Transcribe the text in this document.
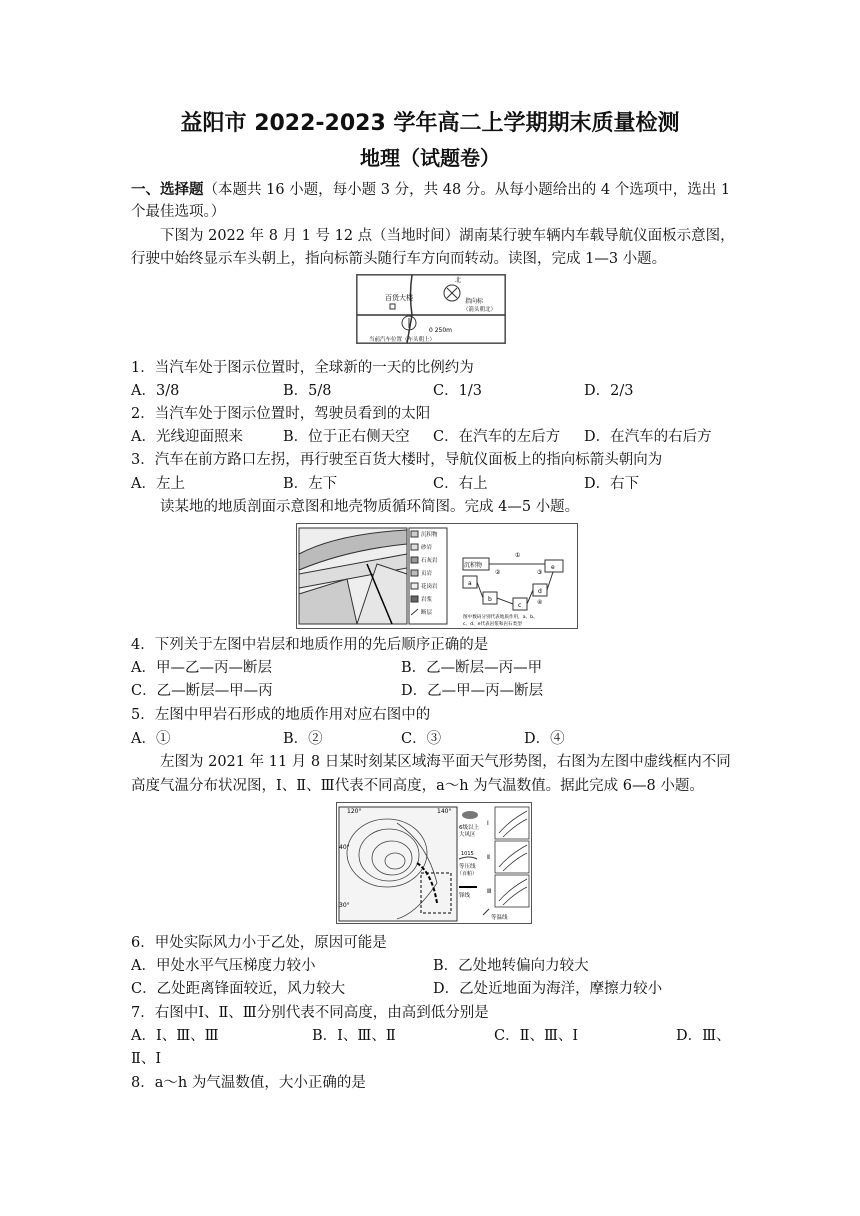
益阳市 2022-2023 学年高二上学期期末质量检测
地理（试题卷）
一、选择题（本题共 16 小题，每小题 3 分，共 48 分。从每小题给出的 4 个选项中，选出 1
个最佳选项。）
下图为 2022 年 8 月 1 号 12 点（当地时间）湖南某行驶车辆内车载导航仪面板示意图，
行驶中始终显示车头朝上，指向标箭头随行车方向而转动。读图，完成 1—3 小题。
百货大楼
北
指向标
（箭头朝北）
0 250m
当前汽车位置（车头朝上）
1．当汽车处于图示位置时，全球新的一天的比例约为
A．3/8	B．5/8	C．1/3	D．2/3
2．当汽车处于图示位置时，驾驶员看到的太阳
A．光线迎面照来	B．位于正右侧天空 C．在汽车的左后方 D．在汽车的右后方
3．汽车在前方路口左拐，再行驶至百货大楼时，导航仪面板上的指向标箭头朝向为
A．左上	B．左下	C．右上	D．右下
读某地的地质剖面示意图和地壳物质循环简图。完成 4—5 小题。
沉积物
砂岩
石灰岩
页岩
花岗岩
岩浆
断层
沉积物
a
b
c
d
e
①
②	③
④
图中数码分别代表地质作用，a、b、
c、d、e代表岩浆和岩石类型
4．下列关于左图中岩层和地质作用的先后顺序正确的是
A．甲—乙—丙—断层	B．乙—断层—丙—甲
C．乙—断层—甲—丙	D．乙—甲—丙—断层
5．左图中甲岩石形成的地质作用对应右图中的
A．①	B．②	C．③	D．④
左图为 2021 年 11 月 8 日某时刻某区域海平面天气形势图，右图为左图中虚线框内不同
高度气温分布状况图，Ⅰ、Ⅱ、Ⅲ代表不同高度，a～h 为气温数值。据此完成 6—8 小题。
120°	140°
40°
30°
6级以上
大风区
1015
等压线
（百帕）
锋线
等温线
Ⅰ
Ⅱ
Ⅲ
6．甲处实际风力小于乙处，原因可能是
A．甲处水平气压梯度力较小	B．乙处地转偏向力较大
C．乙处距离锋面较近，风力较大	D．乙处近地面为海洋，摩擦力较小
7．右图中Ⅰ、Ⅱ、Ⅲ分别代表不同高度，由高到低分别是
A．Ⅰ、Ⅲ、Ⅲ	B．Ⅰ、Ⅲ、Ⅱ	C．Ⅱ、Ⅲ、Ⅰ	D．Ⅲ、
Ⅱ、Ⅰ
8．a～h 为气温数值，大小正确的是
